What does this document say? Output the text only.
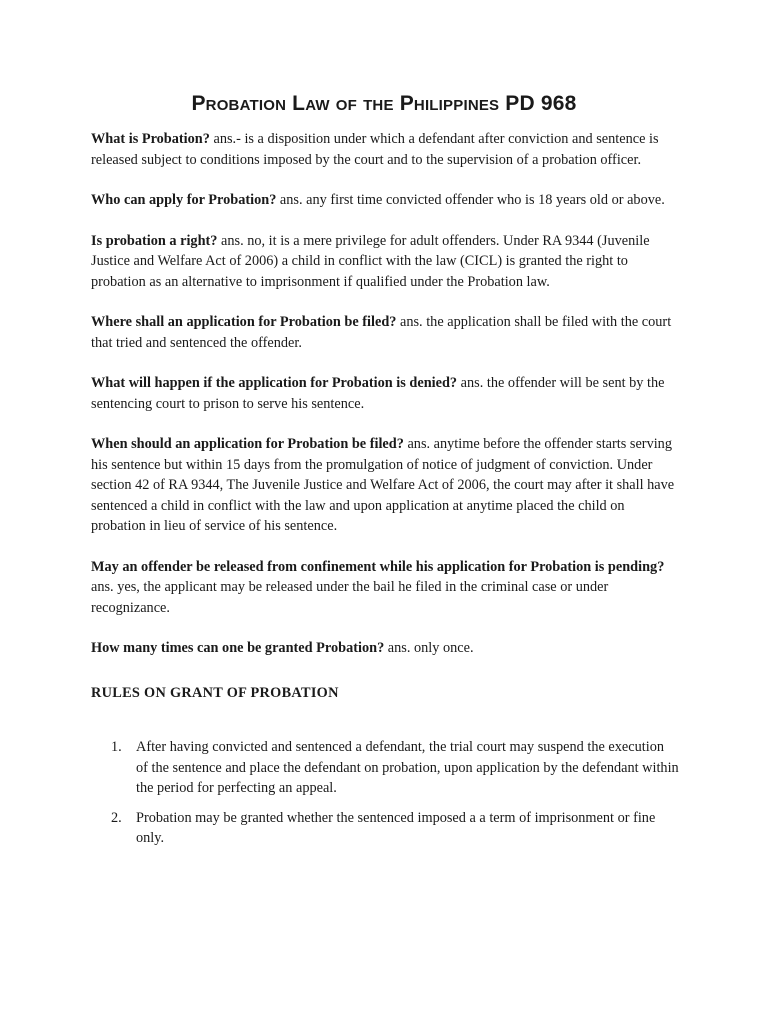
Probation Law of the Philippines PD 968

What is Probation? ans.- is a disposition under which a defendant after conviction and sentence is released subject to conditions imposed by the court and to the supervision of a probation officer.

Who can apply for Probation? ans. any first time convicted offender who is 18 years old or above.

Is probation a right? ans. no, it is a mere privilege for adult offenders. Under RA 9344 (Juvenile Justice and Welfare Act of 2006) a child in conflict with the law (CICL) is granted the right to probation as an alternative to imprisonment if qualified under the Probation law.

Where shall an application for Probation be filed? ans. the application shall be filed with the court that tried and sentenced the offender.

What will happen if the application for Probation is denied? ans. the offender will be sent by the sentencing court to prison to serve his sentence.

When should an application for Probation be filed? ans. anytime before the offender starts serving his sentence but within 15 days from the promulgation of notice of judgment of conviction. Under section 42 of RA 9344, The Juvenile Justice and Welfare Act of 2006, the court may after it shall have sentenced a child in conflict with the law and upon application at anytime placed the child on probation in lieu of service of his sentence.

May an offender be released from confinement while his application for Probation is pending? ans. yes, the applicant may be released under the bail he filed in the criminal case or under recognizance.

How many times can one be granted Probation? ans. only once.

RULES ON GRANT OF PROBATION
1. After having convicted and sentenced a defendant, the trial court may suspend the execution of the sentence and place the defendant on probation, upon application by the defendant within the period for perfecting an appeal.
2. Probation may be granted whether the sentenced imposed a a term of imprisonment or fine only.
